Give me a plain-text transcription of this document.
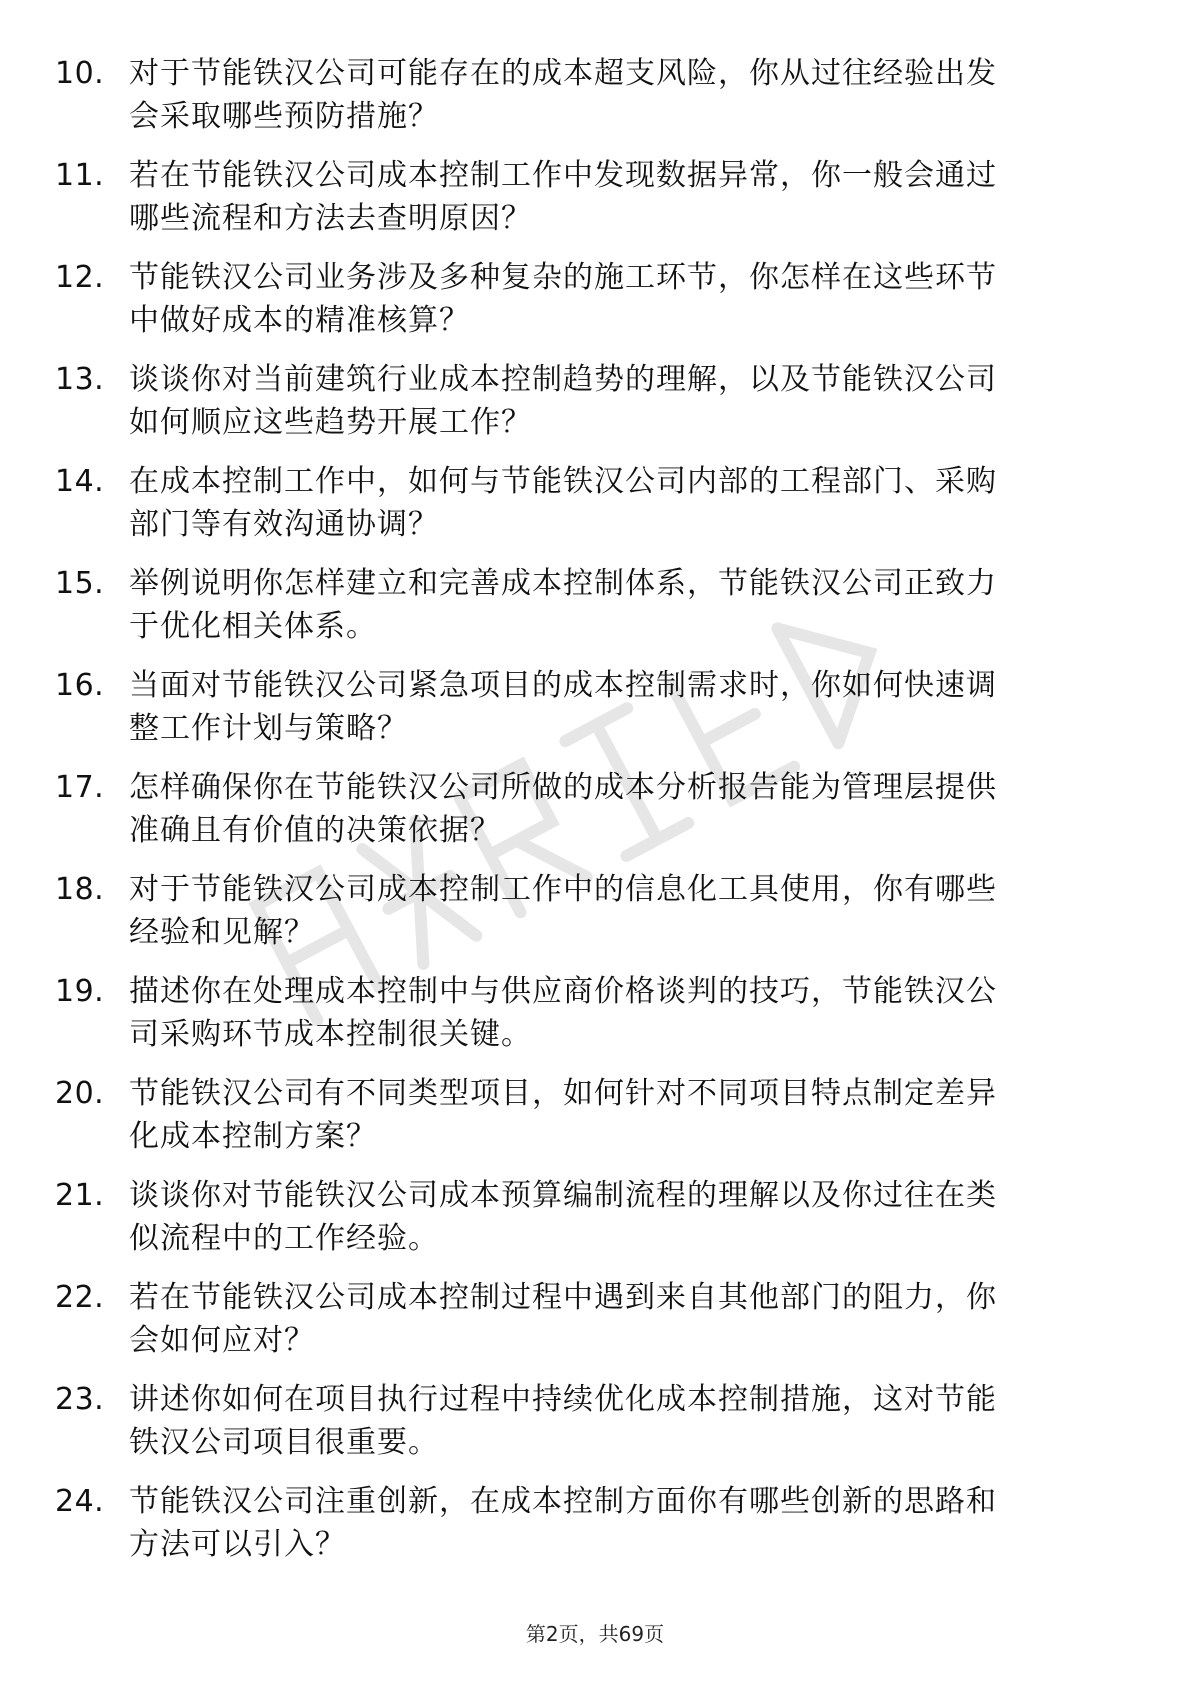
10. 对于节能铁汉公司可能存在的成本超支风险，你从过往经验出发
会采取哪些预防措施？
11. 若在节能铁汉公司成本控制工作中发现数据异常，你一般会通过
哪些流程和方法去查明原因？
12. 节能铁汉公司业务涉及多种复杂的施工环节，你怎样在这些环节
中做好成本的精准核算？
13. 谈谈你对当前建筑行业成本控制趋势的理解，以及节能铁汉公司
如何顺应这些趋势开展工作？
14. 在成本控制工作中，如何与节能铁汉公司内部的工程部门、采购
部门等有效沟通协调？
15. 举例说明你怎样建立和完善成本控制体系，节能铁汉公司正致力
于优化相关体系。
16. 当面对节能铁汉公司紧急项目的成本控制需求时，你如何快速调
整工作计划与策略？
17. 怎样确保你在节能铁汉公司所做的成本分析报告能为管理层提供
准确且有价值的决策依据？
18. 对于节能铁汉公司成本控制工作中的信息化工具使用，你有哪些
经验和见解？
19. 描述你在处理成本控制中与供应商价格谈判的技巧，节能铁汉公
司采购环节成本控制很关键。
20. 节能铁汉公司有不同类型项目，如何针对不同项目特点制定差异
化成本控制方案？
21. 谈谈你对节能铁汉公司成本预算编制流程的理解以及你过往在类
似流程中的工作经验。
22. 若在节能铁汉公司成本控制过程中遇到来自其他部门的阻力，你
会如何应对？
23. 讲述你如何在项目执行过程中持续优化成本控制措施，这对节能
铁汉公司项目很重要。
24. 节能铁汉公司注重创新，在成本控制方面你有哪些创新的思路和
方法可以引入？
第2页，共69页
